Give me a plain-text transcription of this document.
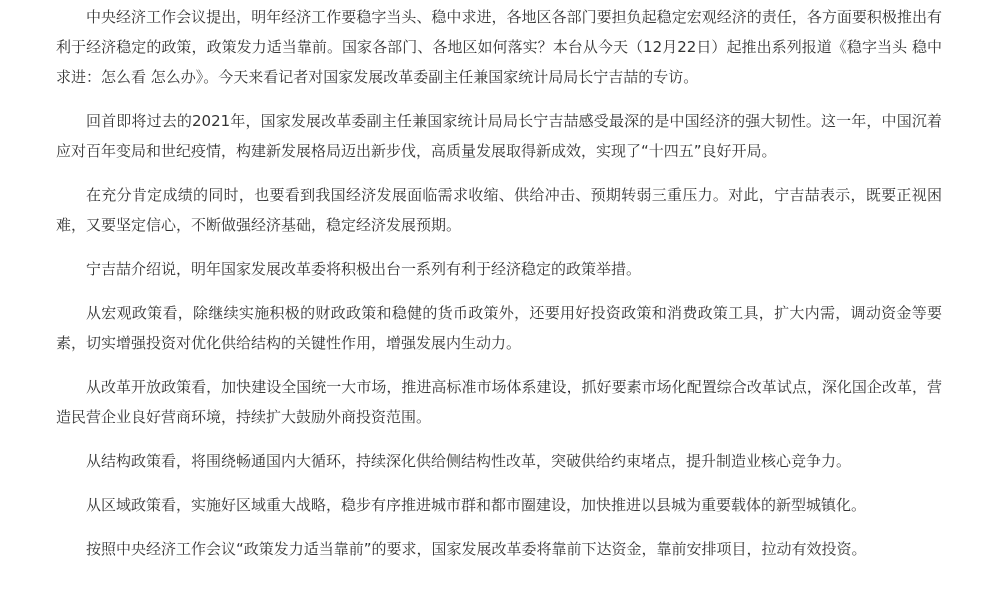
中央经济工作会议提出，明年经济工作要稳字当头、稳中求进，各地区各部门要担负起稳定宏观经济的责任，各方面要积极推出有利于经济稳定的政策，政策发力适当靠前。国家各部门、各地区如何落实？本台从今天（12月22日）起推出系列报道《稳字当头 稳中求进：怎么看 怎么办》。今天来看记者对国家发展改革委副主任兼国家统计局局长宁吉喆的专访。

回首即将过去的2021年，国家发展改革委副主任兼国家统计局局长宁吉喆感受最深的是中国经济的强大韧性。这一年，中国沉着应对百年变局和世纪疫情，构建新发展格局迈出新步伐，高质量发展取得新成效，实现了“十四五”良好开局。

在充分肯定成绩的同时，也要看到我国经济发展面临需求收缩、供给冲击、预期转弱三重压力。对此，宁吉喆表示，既要正视困难，又要坚定信心，不断做强经济基础，稳定经济发展预期。

宁吉喆介绍说，明年国家发展改革委将积极出台一系列有利于经济稳定的政策举措。

从宏观政策看，除继续实施积极的财政政策和稳健的货币政策外，还要用好投资政策和消费政策工具，扩大内需，调动资金等要素，切实增强投资对优化供给结构的关键性作用，增强发展内生动力。

从改革开放政策看，加快建设全国统一大市场，推进高标准市场体系建设，抓好要素市场化配置综合改革试点，深化国企改革，营造民营企业良好营商环境，持续扩大鼓励外商投资范围。

从结构政策看，将围绕畅通国内大循环，持续深化供给侧结构性改革，突破供给约束堵点，提升制造业核心竞争力。

从区域政策看，实施好区域重大战略，稳步有序推进城市群和都市圈建设，加快推进以县城为重要载体的新型城镇化。

按照中央经济工作会议“政策发力适当靠前”的要求，国家发展改革委将靠前下达资金，靠前安排项目，拉动有效投资。
